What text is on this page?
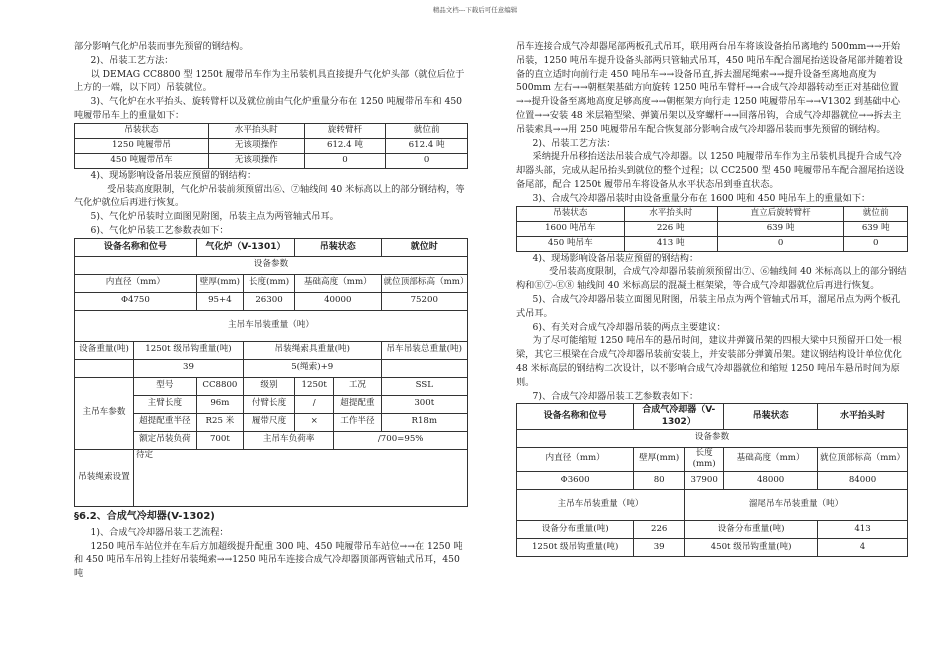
精品文档---下载后可任意编辑

部分影响气化炉吊装而事先预留的钢结构。

2)、吊装工艺方法：

以 DEMAG CC8800 型 1250t 履带吊车作为主吊装机具直接提升气化炉头部（就位后位于上方的一端，以下同）吊装就位。

3)、气化炉在水平抬头、旋转臂杆以及就位前由气化炉重量分布在 1250 吨履带吊车和 450 吨履带吊车上的重量如下：

吊装状态	水平抬头时	旋转臂杆	就位前
1250 吨履带吊	无该项操作	612.4 吨	612.4 吨
450 吨履带吊车	无该项操作	0	0

4)、现场影响设备吊装应预留的钢结构：

受吊装高度限制，气化炉吊装前须预留出⑥、⑦轴线间 40 米标高以上的部分钢结构，等气化炉就位后再进行恢复。

5)、气化炉吊装时立面图见附图，吊装主点为两管轴式吊耳。

6)、气化炉吊装工艺参数表如下：

设备名称和位号		气化炉（V-1301）		吊装状态		就位时
设备参数						
内直径（mm）		壁厚(mm)	长度(mm)	基础高度（mm）		就位顶部标高（mm）
Φ4750		95+4	26300	40000		75200
主吊车吊装重量（吨）						
设备重量(吨)	1250t 级吊钩重量(吨)		吊装绳索具重量(吨)			吊车吊装总重量(吨)
	39		5(绳索)+9			
主吊车参数	型号	CC8800	级别	1250t	工况	SSL
	主臂长度	96m	付臂长度	/	超提配重	300t
	超提配重半径	R25 米	履带尺度	×	工作半径	R18m
	额定吊装负荷	700t	主吊车负荷率		/700=95%	
吊装绳索设置	待定					

§6.2、合成气冷却器(V-1302)

1)、合成气冷却器吊装工艺流程：

1250 吨吊车站位并在车后方加超级提升配重 300 吨、450 吨履带吊车站位→→在 1250 吨和 450 吨吊车吊钩上挂好吊装绳索→→1250 吨吊车连接合成气冷却器顶部两管轴式吊耳，450 吨

吊车连接合成气冷却器尾部两板孔式吊耳，联用两台吊车将该设备抬吊离地约 500mm→→开始吊装，1250 吨吊车提升设备头部两只管轴式吊耳，450 吨吊车配合溜尾抬送设备尾部并随着设备的直立适时向前行走 450 吨吊车→→设备吊直,拆去溜尾绳索→→提升设备至离地高度为 500mm 左右→→朝框架基础方向旋转 1250 吨吊车臂杆→→合成气冷却器转动至正对基础位置→→提升设备至离地高度足够高度→→朝框架方向行走 1250 吨履带吊车→→V1302 到基础中心位置→→安装 48 米层箱型梁、弹簧吊架以及穿螺杆→→回落吊钩，合成气冷却器就位→→拆去主吊装索具→→用 250 吨履带吊车配合恢复部分影响合成气冷却器吊装而事先预留的钢结构。

2)、吊装工艺方法：

采纳提升吊移抬送法吊装合成气冷却器。以 1250 吨履带吊车作为主吊装机具提升合成气冷却器头部，完成从起吊抬头到就位的整个过程；以 CC2500 型 450 吨履带吊车配合溜尾抬送设备尾部，配合 1250t 履带吊车将设备从水平状态吊到垂直状态。

3)、合成气冷却器吊装时由设备重量分布在 1600 吨和 450 吨吊车上的重量如下：

吊装状态	水平抬头时	直立后旋转臂杆	就位前
1600 吨吊车	226 吨	639 吨	639 吨
450 吨吊车	413 吨	0	0

4)、现场影响设备吊装应预留的钢结构：

受吊装高度限制，合成气冷却器吊装前须预留出⑦、⑥轴线间 40 米标高以上的部分钢结构和Ⓔ⑦-Ⓔ⑧ 轴线间 40 米标高层的混凝土框架梁，等合成气冷却器就位后再进行恢复。

5)、合成气冷却器吊装立面图见附图，吊装主吊点为两个管轴式吊耳，溜尾吊点为两个板孔式吊耳。

6)、有关对合成气冷却器吊装的两点主要建议：

为了尽可能缩短 1250 吨吊车的悬吊时间，建议井弹簧吊架的四根大梁中只预留开口处一根梁，其它三根梁在合成气冷却器吊装前安装上，并安装部分弹簧吊架。建议钢结构设计单位优化 48 米标高层的钢结构二次设计，以不影响合成气冷却器就位和缩短 1250 吨吊车悬吊时间为原则。

7)、合成气冷却器吊装工艺参数表如下：

设备名称和位号	合成气冷却器（V-1302）		吊装状态	水平抬头时
设备参数				
内直径（mm）	壁厚(mm)	长度(mm)	基础高度（mm）	就位顶部标高（mm）
Φ3600	80	37900	48000	84000
主吊车吊装重量（吨）		溜尾吊车吊装重量（吨）		
设备分布重量(吨)	226	设备分布重量(吨)		413
1250t 级吊钩重量(吨)	39	450t 级吊钩重量(吨)		4
